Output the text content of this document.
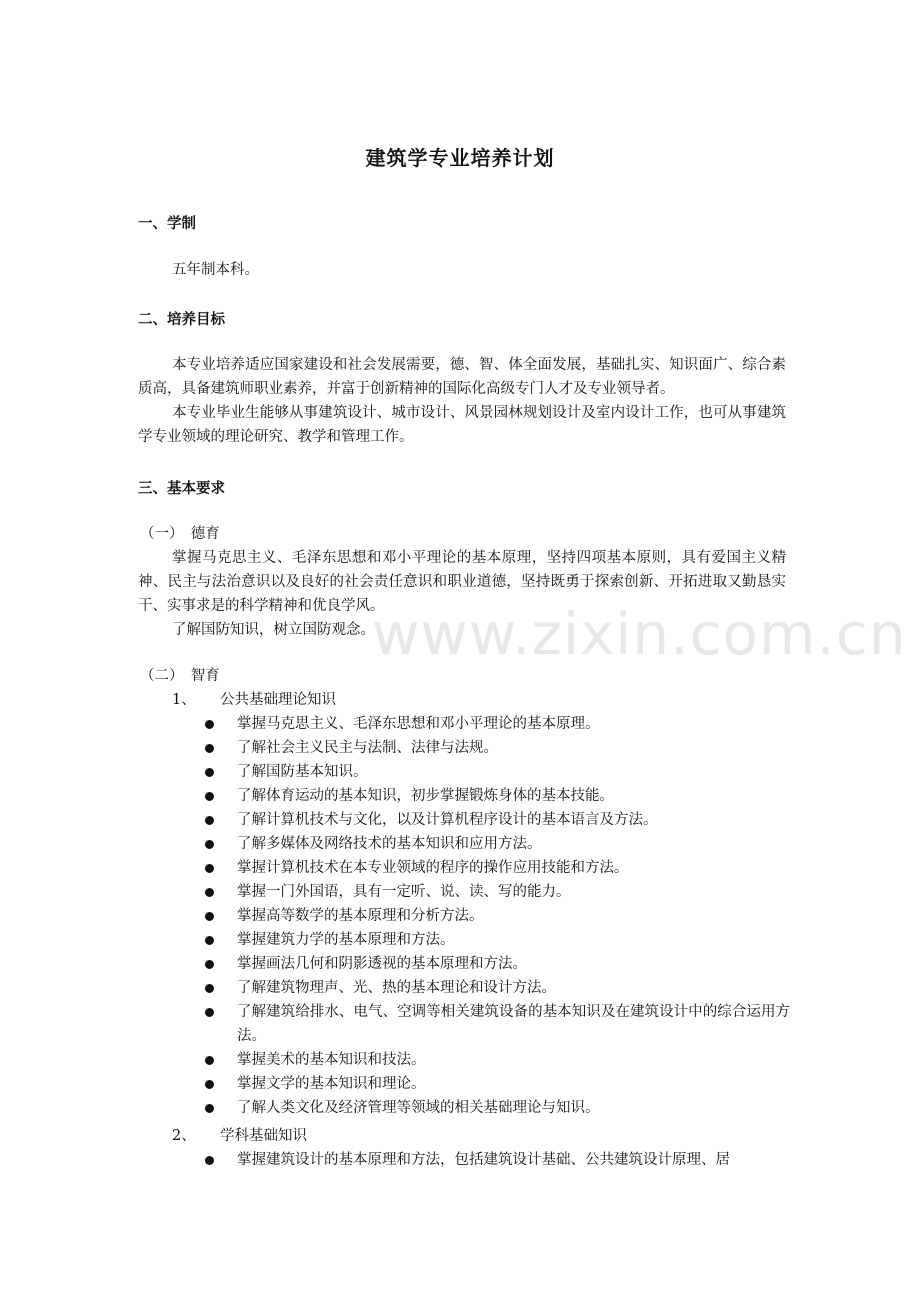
建筑学专业培养计划
一、学制
五年制本科。
二、培养目标
本专业培养适应国家建设和社会发展需要，德、智、体全面发展，基础扎实、知识面广、综合素质高，具备建筑师职业素养，并富于创新精神的国际化高级专门人才及专业领导者。
本专业毕业生能够从事建筑设计、城市设计、风景园林规划设计及室内设计工作，也可从事建筑学专业领域的理论研究、教学和管理工作。
三、基本要求
（一）　德育
掌握马克思主义、毛泽东思想和邓小平理论的基本原理，坚持四项基本原则，具有爱国主义精神、民主与法治意识以及良好的社会责任意识和职业道德，坚持既勇于探索创新、开拓进取又勤恳实干、实事求是的科学精神和优良学风。
了解国防知识，树立国防观念。
（二）　智育
1、 公共基础理论知识
掌握马克思主义、毛泽东思想和邓小平理论的基本原理。
了解社会主义民主与法制、法律与法规。
了解国防基本知识。
了解体育运动的基本知识，初步掌握锻炼身体的基本技能。
了解计算机技术与文化，以及计算机程序设计的基本语言及方法。
了解多媒体及网络技术的基本知识和应用方法。
掌握计算机技术在本专业领域的程序的操作应用技能和方法。
掌握一门外国语，具有一定听、说、读、写的能力。
掌握高等数学的基本原理和分析方法。
掌握建筑力学的基本原理和方法。
掌握画法几何和阴影透视的基本原理和方法。
了解建筑物理声、光、热的基本理论和设计方法。
了解建筑给排水、电气、空调等相关建筑设备的基本知识及在建筑设计中的综合运用方法。
掌握美术的基本知识和技法。
掌握文学的基本知识和理论。
了解人类文化及经济管理等领域的相关基础理论与知识。
2、 学科基础知识
掌握建筑设计的基本原理和方法，包括建筑设计基础、公共建筑设计原理、居
www.zixin.com.cn
